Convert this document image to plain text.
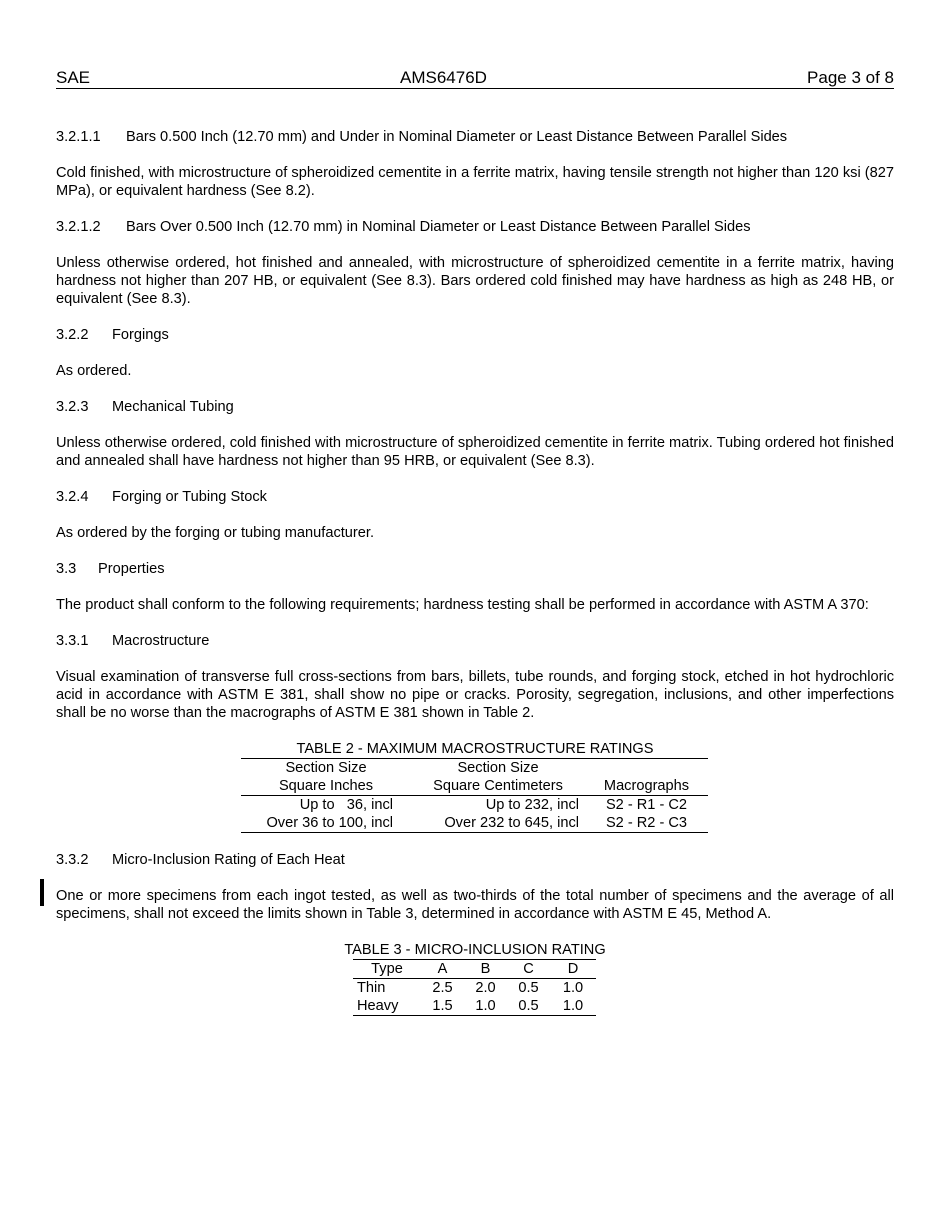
SAE	AMS6476D	Page 3 of 8

3.2.1.1 Bars 0.500 Inch (12.70 mm) and Under in Nominal Diameter or Least Distance Between Parallel Sides

Cold finished, with microstructure of spheroidized cementite in a ferrite matrix, having tensile strength not higher than 120 ksi (827 MPa), or equivalent hardness (See 8.2).

3.2.1.2 Bars Over 0.500 Inch (12.70 mm) in Nominal Diameter or Least Distance Between Parallel Sides

Unless otherwise ordered, hot finished and annealed, with microstructure of spheroidized cementite in a ferrite matrix, having hardness not higher than 207 HB, or equivalent (See 8.3). Bars ordered cold finished may have hardness as high as 248 HB, or equivalent (See 8.3).

3.2.2 Forgings

As ordered.

3.2.3 Mechanical Tubing

Unless otherwise ordered, cold finished with microstructure of spheroidized cementite in ferrite matrix. Tubing ordered hot finished and annealed shall have hardness not higher than 95 HRB, or equivalent (See 8.3).

3.2.4 Forging or Tubing Stock

As ordered by the forging or tubing manufacturer.

3.3 Properties

The product shall conform to the following requirements; hardness testing shall be performed in accordance with ASTM A 370:

3.3.1 Macrostructure

Visual examination of transverse full cross-sections from bars, billets, tube rounds, and forging stock, etched in hot hydrochloric acid in accordance with ASTM E 381, shall show no pipe or cracks. Porosity, segregation, inclusions, and other imperfections shall be no worse than the macrographs of ASTM E 381 shown in Table 2.

TABLE 2 - MAXIMUM MACROSTRUCTURE RATINGS

Section Size	Section Size	
Square Inches	Square Centimeters	Macrographs
Up to   36, incl	Up to 232, incl	S2 - R1 - C2
Over 36 to 100, incl	Over 232 to 645, incl	S2 - R2 - C3

3.3.2 Micro-Inclusion Rating of Each Heat

One or more specimens from each ingot tested, as well as two-thirds of the total number of specimens and the average of all specimens, shall not exceed the limits shown in Table 3, determined in accordance with ASTM E 45, Method A.

TABLE 3 - MICRO-INCLUSION RATING

Type	A	B	C	D
Thin	2.5	2.0	0.5	1.0
Heavy	1.5	1.0	0.5	1.0
